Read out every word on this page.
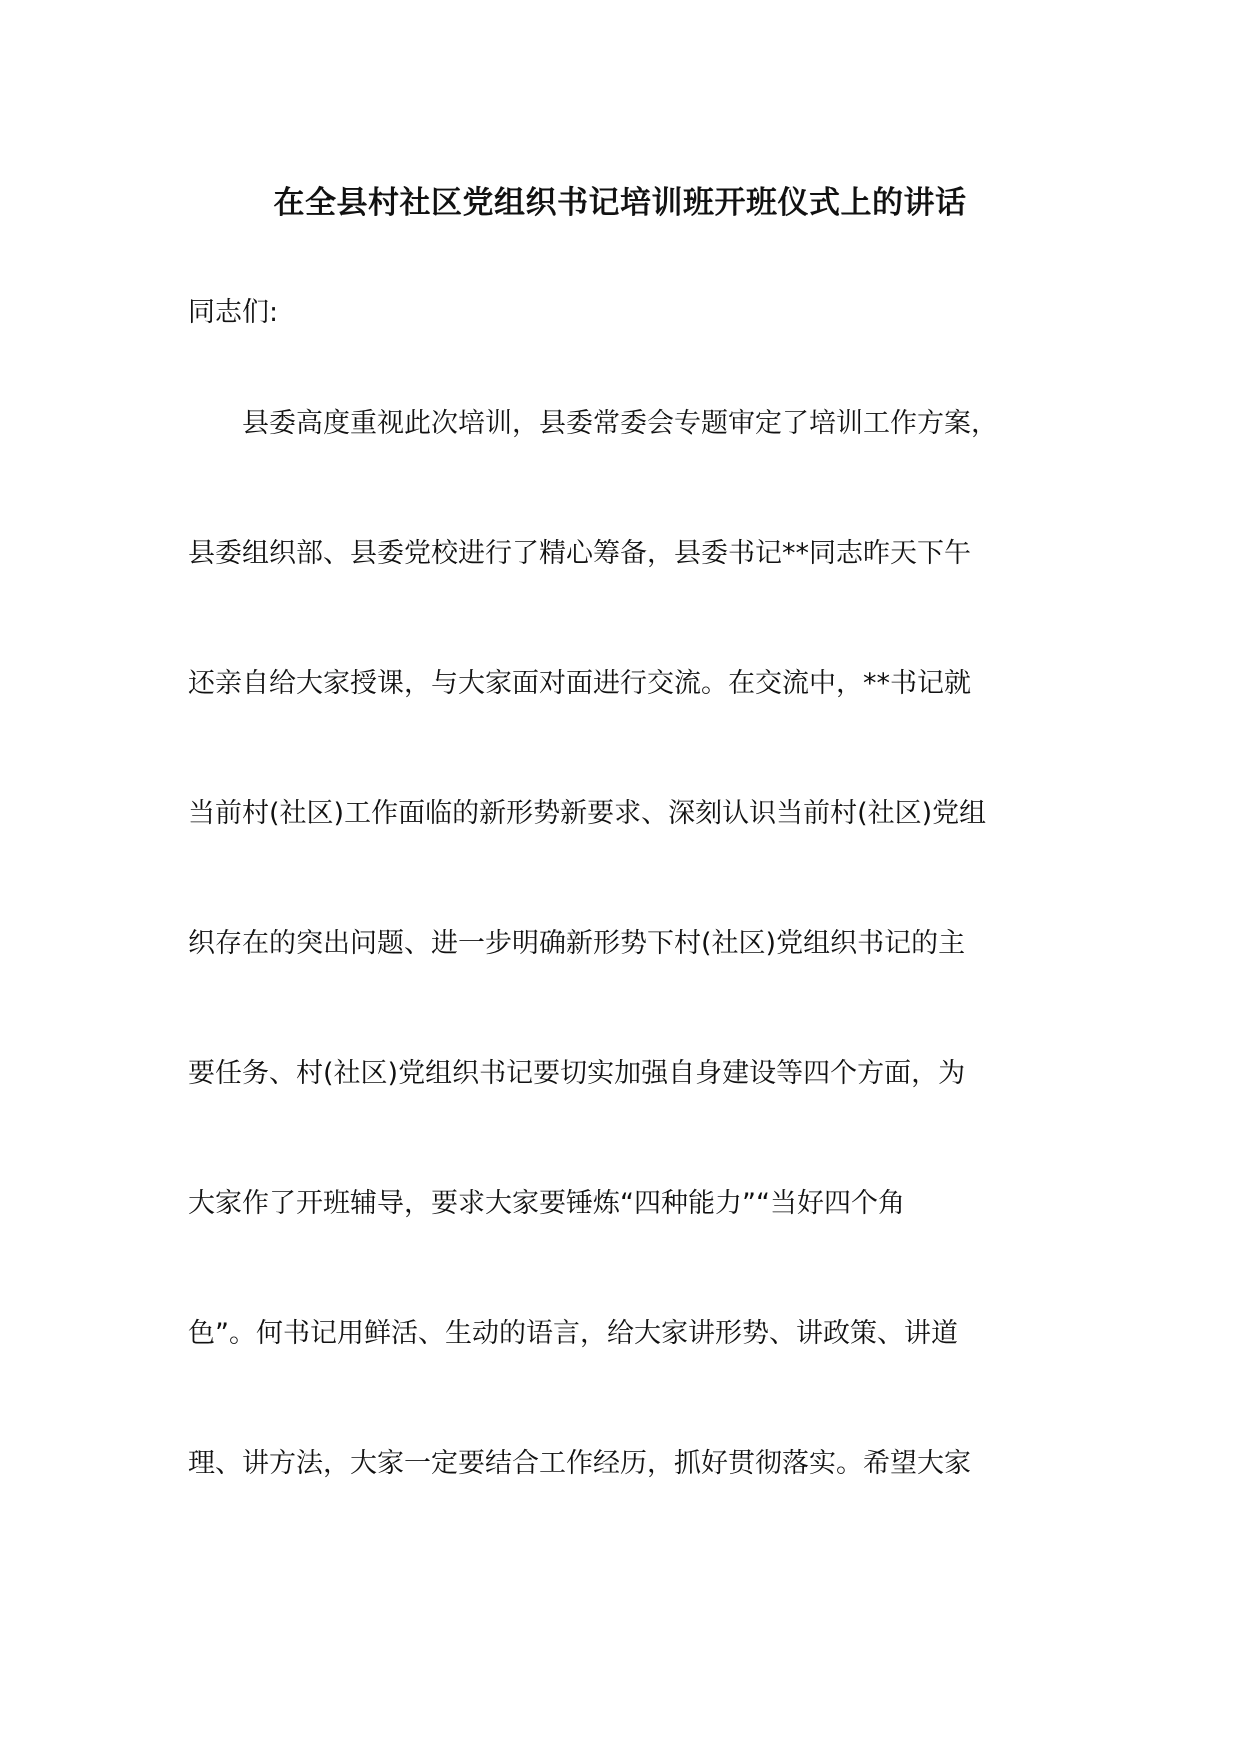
在全县村社区党组织书记培训班开班仪式上的讲话

同志们:

县委高度重视此次培训，县委常委会专题审定了培训工作方案，

县委组织部、县委党校进行了精心筹备，县委书记**同志昨天下午

还亲自给大家授课，与大家面对面进行交流。在交流中，**书记就

当前村(社区)工作面临的新形势新要求、深刻认识当前村(社区)党组

织存在的突出问题、进一步明确新形势下村(社区)党组织书记的主

要任务、村(社区)党组织书记要切实加强自身建设等四个方面，为

大家作了开班辅导，要求大家要锤炼“四种能力”“当好四个角

色”。何书记用鲜活、生动的语言，给大家讲形势、讲政策、讲道

理、讲方法，大家一定要结合工作经历，抓好贯彻落实。希望大家
